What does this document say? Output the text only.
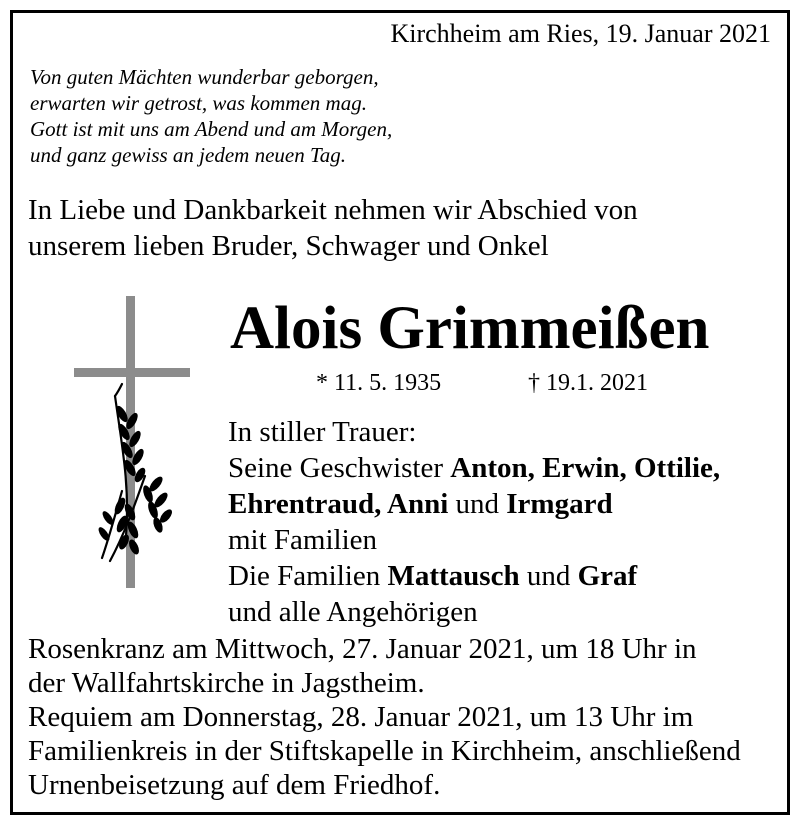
Kirchheim am Ries, 19. Januar 2021
Von guten Mächten wunderbar geborgen,
erwarten wir getrost, was kommen mag.
Gott ist mit uns am Abend und am Morgen,
und ganz gewiss an jedem neuen Tag.
In Liebe und Dankbarkeit nehmen wir Abschied von
unserem lieben Bruder, Schwager und Onkel
Alois Grimmeißen
* 11. 5. 1935	† 19.1. 2021
In stiller Trauer:
Seine Geschwister Anton, Erwin, Ottilie,
Ehrentraud, Anni und Irmgard
mit Familien
Die Familien Mattausch und Graf
und alle Angehörigen
Rosenkranz am Mittwoch, 27. Januar 2021, um 18 Uhr in
der Wallfahrtskirche in Jagstheim.
Requiem am Donnerstag, 28. Januar 2021, um 13 Uhr im
Familienkreis in der Stiftskapelle in Kirchheim, anschließend
Urnenbeisetzung auf dem Friedhof.
